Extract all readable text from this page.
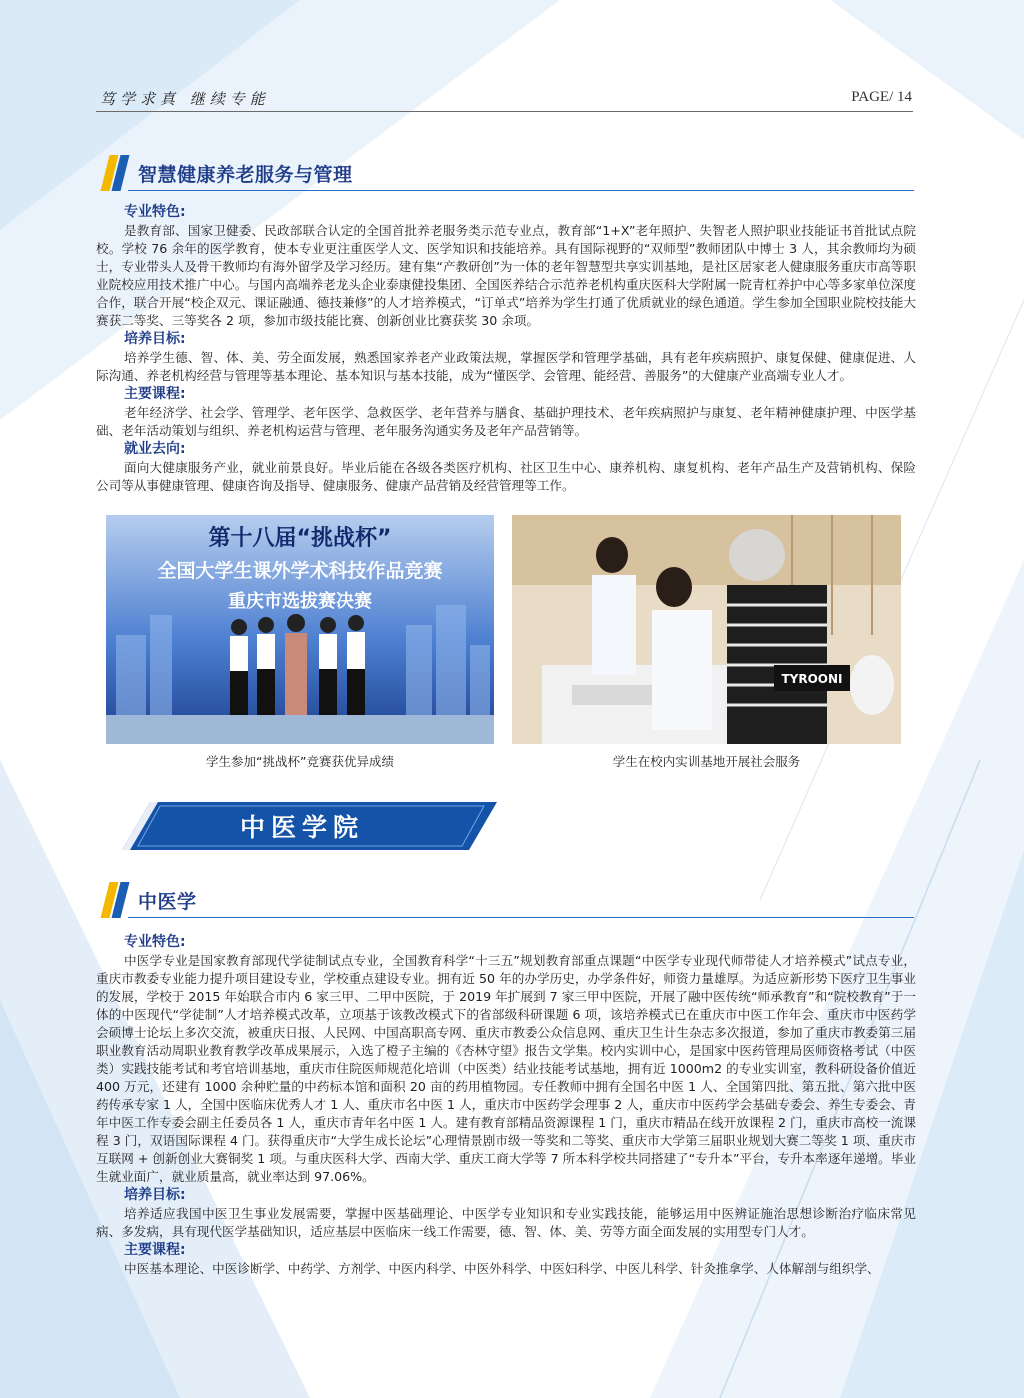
笃学求真 继续专能	PAGE/ 14
智慧健康养老服务与管理

专业特色:

是教育部、国家卫健委、民政部联合认定的全国首批养老服务类示范专业点，教育部“1+X”老年照护、失智老人照护职业技能证书首批试点院校。学校 76 余年的医学教育，使本专业更注重医学人文、医学知识和技能培养。具有国际视野的“双师型”教师团队中博士 3 人，其余教师均为硕士，专业带头人及骨干教师均有海外留学及学习经历。建有集“产教研创”为一体的老年智慧型共享实训基地，是社区居家老人健康服务重庆市高等职业院校应用技术推广中心。与国内高端养老龙头企业泰康健投集团、全国医养结合示范养老机构重庆医科大学附属一院青杠养护中心等多家单位深度合作，联合开展“校企双元、课证融通、德技兼修”的人才培养模式，“订单式”培养为学生打通了优质就业的绿色通道。学生参加全国职业院校技能大赛获二等奖、三等奖各 2 项，参加市级技能比赛、创新创业比赛获奖 30 余项。

培养目标:

培养学生德、智、体、美、劳全面发展，熟悉国家养老产业政策法规，掌握医学和管理学基础，具有老年疾病照护、康复保健、健康促进、人际沟通、养老机构经营与管理等基本理论、基本知识与基本技能，成为“懂医学、会管理、能经营、善服务”的大健康产业高端专业人才。

主要课程:

老年经济学、社会学、管理学、老年医学、急救医学、老年营养与膳食、基础护理技术、老年疾病照护与康复、老年精神健康护理、中医学基础、老年活动策划与组织、养老机构运营与管理、老年服务沟通实务及老年产品营销等。

就业去向:

面向大健康服务产业，就业前景良好。毕业后能在各级各类医疗机构、社区卫生中心、康养机构、康复机构、老年产品生产及营销机构、保险公司等从事健康管理、健康咨询及指导、健康服务、健康产品营销及经营管理等工作。

第十八届“挑战杯”
全国大学生课外学术科技作品竞赛
重庆市选拔赛决赛
学生参加“挑战杯”竞赛获优异成绩
TYROONI
学生在校内实训基地开展社会服务
中医学院
中医学

专业特色:

中医学专业是国家教育部现代学徒制试点专业，全国教育科学“十三五”规划教育部重点课题“中医学专业现代师带徒人才培养模式”试点专业，重庆市教委专业能力提升项目建设专业，学校重点建设专业。拥有近 50 年的办学历史，办学条件好，师资力量雄厚。为适应新形势下医疗卫生事业的发展，学校于 2015 年始联合市内 6 家三甲、二甲中医院，于 2019 年扩展到 7 家三甲中医院，开展了融中医传统“师承教育”和“院校教育”于一体的中医现代“学徒制”人才培养模式改革，立项基于该教改模式下的省部级科研课题 6 项，该培养模式已在重庆市中医工作年会、重庆市中医药学会硕博士论坛上多次交流，被重庆日报、人民网、中国高职高专网、重庆市教委公众信息网、重庆卫生计生杂志多次报道，参加了重庆市教委第三届职业教育活动周职业教育教学改革成果展示，入选了橙子主编的《杏林守望》报告文学集。校内实训中心，是国家中医药管理局医师资格考试（中医类）实践技能考试和考官培训基地，重庆市住院医师规范化培训（中医类）结业技能考试基地，拥有近 1000m2 的专业实训室，教科研设备价值近 400 万元，还建有 1000 余种贮量的中药标本馆和面积 20 亩的药用植物园。专任教师中拥有全国名中医 1 人、全国第四批、第五批、第六批中医药传承专家 1 人，全国中医临床优秀人才 1 人、重庆市名中医 1 人，重庆市中医药学会理事 2 人，重庆市中医药学会基础专委会、养生专委会、青年中医工作专委会副主任委员各 1 人，重庆市青年名中医 1 人。建有教育部精品资源课程 1 门，重庆市精品在线开放课程 2 门，重庆市高校一流课程 3 门，双语国际课程 4 门。获得重庆市“大学生成长论坛”心理情景剧市级一等奖和二等奖、重庆市大学第三届职业规划大赛二等奖 1 项、重庆市互联网 + 创新创业大赛铜奖 1 项。与重庆医科大学、西南大学、重庆工商大学等 7 所本科学校共同搭建了“专升本”平台，专升本率逐年递增。毕业生就业面广，就业质量高，就业率达到 97.06%。

培养目标:

培养适应我国中医卫生事业发展需要，掌握中医基础理论、中医学专业知识和专业实践技能，能够运用中医辨证施治思想诊断治疗临床常见病、多发病，具有现代医学基础知识，适应基层中医临床一线工作需要，德、智、体、美、劳等方面全面发展的实用型专门人才。

主要课程:

中医基本理论、中医诊断学、中药学、方剂学、中医内科学、中医外科学、中医妇科学、中医儿科学、针灸推拿学、人体解剖与组织学、
